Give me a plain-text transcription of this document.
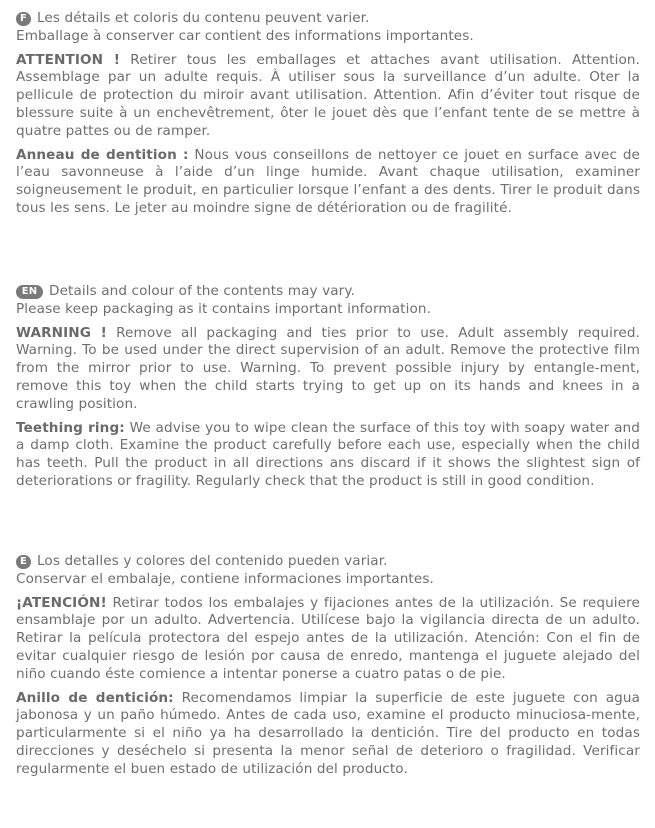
F Les détails et coloris du contenu peuvent varier.
Emballage à conserver car contient des informations importantes.

ATTENTION ! Retirer tous les emballages et attaches avant utilisation. Attention. Assemblage par un adulte requis. À utiliser sous la surveillance d’un adulte. Oter la pellicule de protection du miroir avant utilisation. Attention. Afin d’éviter tout risque de blessure suite à un enchevêtrement, ôter le jouet dès que l’enfant tente de se mettre à quatre pattes ou de ramper.

Anneau de dentition : Nous vous conseillons de nettoyer ce jouet en surface avec de l’eau savonneuse à l’aide d’un linge humide. Avant chaque utilisation, examiner soigneusement le produit, en particulier lorsque l’enfant a des dents. Tirer le produit dans tous les sens. Le jeter au moindre signe de détérioration ou de fragilité.

EN Details and colour of the contents may vary.
Please keep packaging as it contains important information.

WARNING ! Remove all packaging and ties prior to use. Adult assembly required. Warning. To be used under the direct supervision of an adult. Remove the protective film from the mirror prior to use. Warning. To prevent possible injury by entangle-ment, remove this toy when the child starts trying to get up on its hands and knees in a crawling position.

Teething ring: We advise you to wipe clean the surface of this toy with soapy water and a damp cloth. Examine the product carefully before each use, especially when the child has teeth. Pull the product in all directions ans discard if it shows the slightest sign of deteriorations or fragility. Regularly check that the product is still in good condition.

E Los detalles y colores del contenido pueden variar.
Conservar el embalaje, contiene informaciones importantes.

¡ATENCIÓN! Retirar todos los embalajes y fijaciones antes de la utilización. Se requiere ensamblaje por un adulto. Advertencia. Utilícese bajo la vigilancia directa de un adulto. Retirar la película protectora del espejo antes de la utilización. Atención: Con el fin de evitar cualquier riesgo de lesión por causa de enredo, mantenga el juguete alejado del niño cuando éste comience a intentar ponerse a cuatro patas o de pie.

Anillo de dentición: Recomendamos limpiar la superficie de este juguete con agua jabonosa y un paño húmedo. Antes de cada uso, examine el producto minuciosa-mente, particularmente si el niño ya ha desarrollado la dentición. Tire del producto en todas direcciones y deséchelo si presenta la menor señal de deterioro o fragilidad. Verificar regularmente el buen estado de utilización del producto.
